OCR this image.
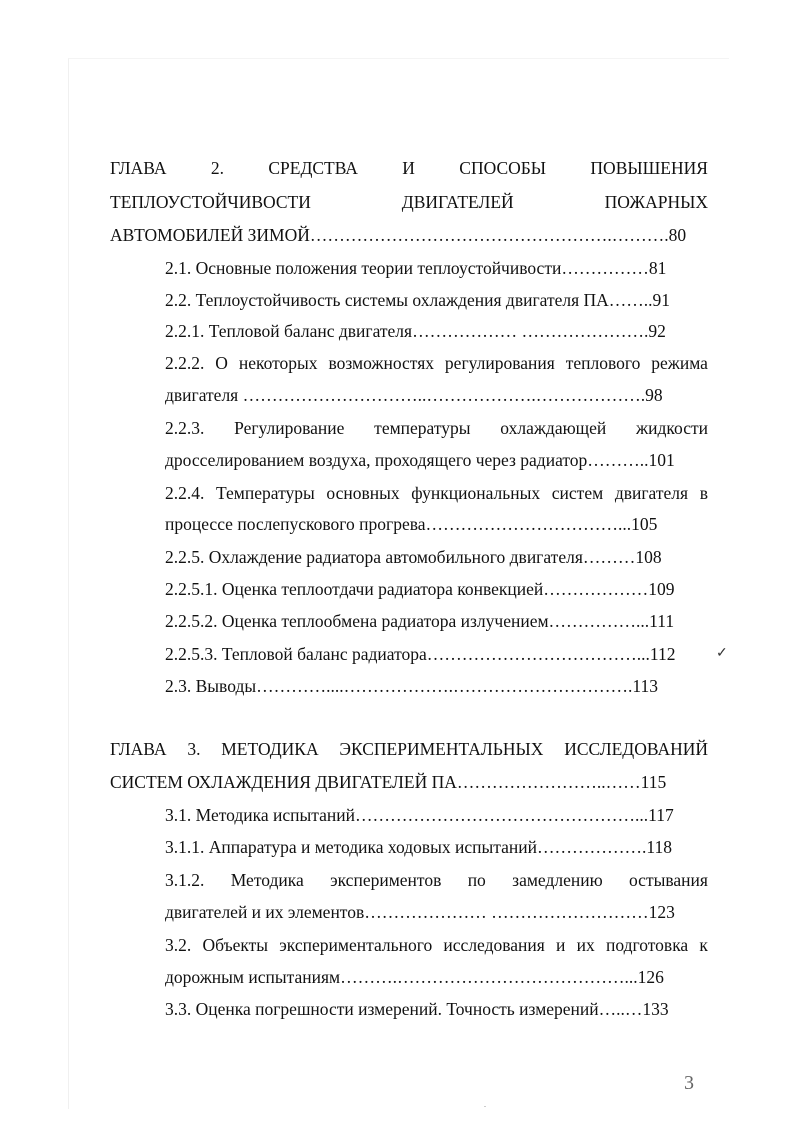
ГЛАВА	2.	СРЕДСТВА	И	СПОСОБЫ	ПОВЫШЕНИЯ
ТЕПЛОУСТОЙЧИВОСТИ	ДВИГАТЕЛЕЙ	ПОЖАРНЫХ
АВТОМОБИЛЕЙ ЗИМОЙ…………………………………………….……….80
2.1. Основные положения теории теплоустойчивости……………81
2.2. Теплоустойчивость системы охлаждения двигателя ПА……..91
2.2.1. Тепловой баланс двигателя……………… ………………….92
2.2.2. О некоторых возможностях регулирования теплового режима
двигателя …………………………..……………….……………….98
2.2.3. Регулирование температуры охлаждающей жидкости
дросселированием воздуха, проходящего через радиатор………..101
2.2.4. Температуры основных функциональных систем двигателя в
процессе послепускового прогрева……………………………...105
2.2.5. Охлаждение радиатора автомобильного двигателя………108
2.2.5.1. Оценка теплоотдачи радиатора конвекцией………………109
2.2.5.2. Оценка теплообмена радиатора излучением……………...111
2.2.5.3. Тепловой баланс радиатора………………………………...112	✓
2.3. Выводы…………....……………….………………………….113
ГЛАВА 3. МЕТОДИКА ЭКСПЕРИМЕНТАЛЬНЫХ ИССЛЕДОВАНИЙ
СИСТЕМ ОХЛАЖДЕНИЯ ДВИГАТЕЛЕЙ ПА……………………..……115
3.1. Методика испытаний…………………………………………...117
3.1.1. Аппаратура и методика ходовых испытаний……………….118
3.1.2. Методика экспериментов по замедлению остывания
двигателей и их элементов………………… ………………………123
3.2. Объекты экспериментального исследования и их подготовка к
дорожным испытаниям……….…………………………………...126
3.3. Оценка погрешности измерений. Точность измерений…..…133
3
